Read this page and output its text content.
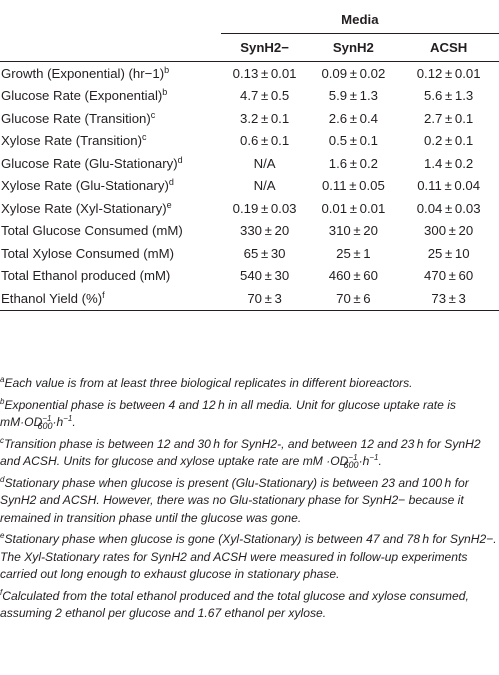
	Media		
	SynH2−	SynH2	ACSH
Growth (Exponential) $(hr-1)^b$	0.13 ± 0.01	0.09 ± 0.02	0.12 ± 0.01
Glucose Rate (Exponential)$^b$	4.7 ± 0.5	5.9 ± 1.3	5.6 ± 1.3
Glucose Rate (Transition)$^c$	3.2 ± 0.1	2.6 ± 0.4	2.7 ± 0.1
Xylose Rate (Transition)$^c$	0.6 ± 0.1	0.5 ± 0.1	0.2 ± 0.1
Glucose Rate (Glu-Stationary)$^d$	N/A	1.6 ± 0.2	1.4 ± 0.2
Xylose Rate (Glu-Stationary)$^d$	N/A	0.11 ± 0.05	0.11 ± 0.04
Xylose Rate (Xyl-Stationary)$^e$	0.19 ± 0.03	0.01 ± 0.01	0.04 ± 0.03
Total Glucose Consumed (mM)	330 ± 20	310 ± 20	300 ± 20
Total Xylose Consumed (mM)	65 ± 30	25 ± 1	25 ± 10
Total Ethanol produced (mM)	540 ± 30	460 ± 60	470 ± 60
Ethanol Yield (%)$^f$	70 ± 3	70 ± 6	73 ± 3

$^a$Each value is from at least three biological replicates in different bioreactors.

$^b$Exponential phase is between 4 and 12 h in all media. Unit for glucose uptake rate is $mM\cdot OD^{-1}_{600}\cdot h^{-1}$.

$^c$Transition phase is between 12 and 30 h for SynH2-, and between 12 and 23 h for SynH2 and ACSH. Units for glucose and xylose uptake rate are mM $\cdot OD^{-1}_{600}\cdot h^{-1}$.

$^d$Stationary phase when glucose is present (Glu-Stationary) is between 23 and 100 h for SynH2 and ACSH. However, there was no Glu-stationary phase for SynH2− because it remained in transition phase until the glucose was gone.

$^e$Stationary phase when glucose is gone (Xyl-Stationary) is between 47 and 78 h for SynH2−. The Xyl-Stationary rates for SynH2 and ACSH were measured in follow-up experiments carried out long enough to exhaust glucose in stationary phase.

$^f$Calculated from the total ethanol produced and the total glucose and xylose consumed, assuming 2 ethanol per glucose and 1.67 ethanol per xylose.
